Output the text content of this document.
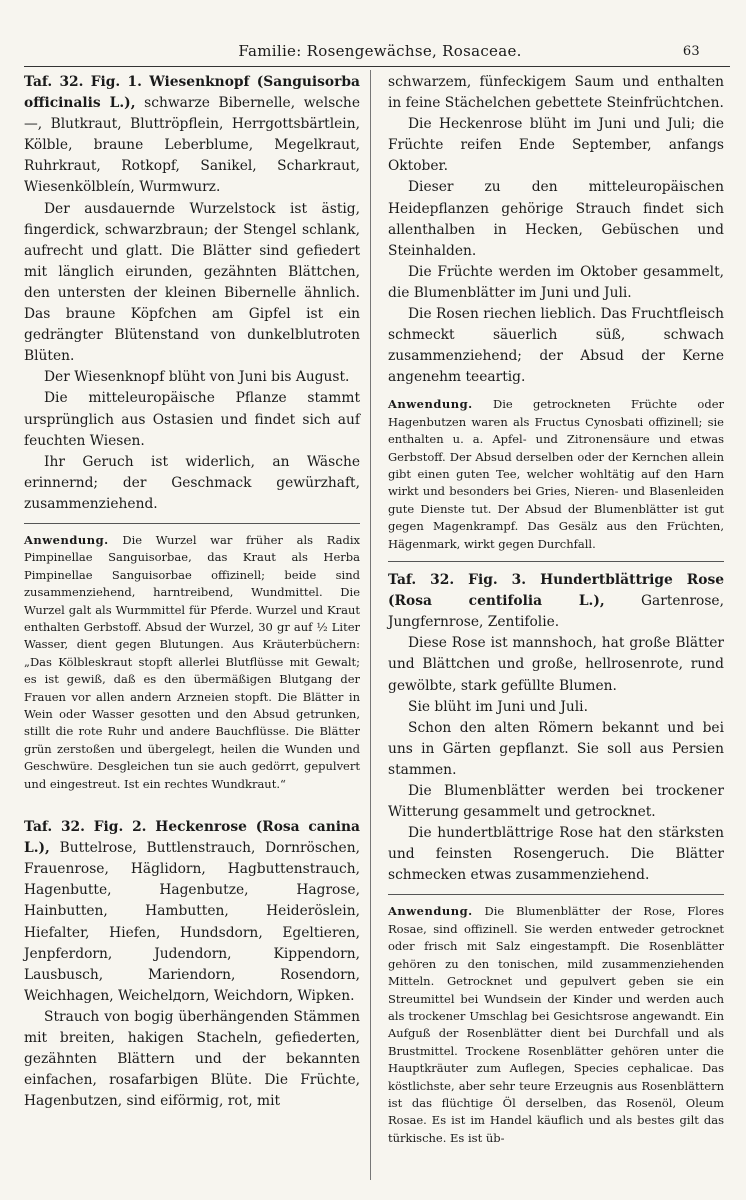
Familie: Rosengewächse, Rosaceae.	63

Taf. 32. Fig. 1. Wiesenknopf (Sanguisorba officinalis L.), schwarze Bibernelle, welsche —, Blutkraut, Bluttröpflein, Herrgottsbärtlein, Kölble, braune Leberblume, Megelkraut, Ruhrkraut, Rotkopf, Sanikel, Scharkraut, Wiesenkölbleín, Wurmwurz.

Der ausdauernde Wurzelstock ist ästig, fingerdick, schwarzbraun; der Stengel schlank, aufrecht und glatt. Die Blätter sind gefiedert mit länglich eirunden, gezähnten Blättchen, den untersten der kleinen Bibernelle ähnlich. Das braune Köpfchen am Gipfel ist ein gedrängter Blütenstand von dunkelblutroten Blüten.

Der Wiesenknopf blüht von Juni bis August.

Die mitteleuropäische Pflanze stammt ursprünglich aus Ostasien und findet sich auf feuchten Wiesen.

Ihr Geruch ist widerlich, an Wäsche erinnernd; der Geschmack gewürzhaft, zusammenziehend.

Anwendung. Die Wurzel war früher als Radix Pimpinellae Sanguisorbae, das Kraut als Herba Pimpinellae Sanguisorbae offizinell; beide sind zusammenziehend, harntreibend, Wundmittel. Die Wurzel galt als Wurmmittel für Pferde. Wurzel und Kraut enthalten Gerbstoff. Absud der Wurzel, 30 gr auf ½ Liter Wasser, dient gegen Blutungen. Aus Kräuterbüchern: „Das Kölbleskraut stopft allerlei Blutflüsse mit Gewalt; es ist gewiß, daß es den übermäßigen Blutgang der Frauen vor allen andern Arzneien stopft. Die Blätter in Wein oder Wasser gesotten und den Absud getrunken, stillt die rote Ruhr und andere Bauchflüsse. Die Blätter grün zerstoßen und übergelegt, heilen die Wunden und Geschwüre. Desgleichen tun sie auch gedörrt, gepulvert und eingestreut. Ist ein rechtes Wundkraut.“

Taf. 32. Fig. 2. Heckenrose (Rosa canina L.), Buttelrose, Buttlenstrauch, Dornröschen, Frauenrose, Häglidorn, Hagbuttenstrauch, Hagenbutte, Hagenbutze, Hagrose, Hainbutten, Hambutten, Heideröslein, Hiefalter, Hiefen, Hundsdorn, Egeltieren, Jenpferdorn, Judendorn, Kippendorn, Lausbusch, Mariendorn, Rosendorn, Weichhagen, Weichelдorn, Weichdorn, Wipken.

Strauch von bogig überhängenden Stämmen mit breiten, hakigen Stacheln, gefiederten, gezähnten Blättern und der bekannten einfachen, rosafarbigen Blüte. Die Früchte, Hagenbutzen, sind eiförmig, rot, mit

schwarzem, fünfeckigem Saum und enthalten in feine Stächelchen gebettete Steinfrüchtchen.

Die Heckenrose blüht im Juni und Juli; die Früchte reifen Ende September, anfangs Oktober.

Dieser zu den mitteleuropäischen Heidepflanzen gehörige Strauch findet sich allenthalben in Hecken, Gebüschen und Steinhalden.

Die Früchte werden im Oktober gesammelt, die Blumenblätter im Juni und Juli.

Die Rosen riechen lieblich. Das Fruchtfleisch schmeckt säuerlich süß, schwach zusammenziehend; der Absud der Kerne angenehm teeartig.

Anwendung. Die getrockneten Früchte oder Hagenbutzen waren als Fructus Cynosbati offizinell; sie enthalten u. a. Apfel- und Zitronensäure und etwas Gerbstoff. Der Absud derselben oder der Kernchen allein gibt einen guten Tee, welcher wohltätig auf den Harn wirkt und besonders bei Gries, Nieren- und Blasenleiden gute Dienste tut. Der Absud der Blumenblätter ist gut gegen Magenkrampf. Das Gesälz aus den Früchten, Hägenmark, wirkt gegen Durchfall.

Taf. 32. Fig. 3. Hundertblättrige Rose (Rosa centifolia L.),	Gartenrose, Jungfernrose, Zentifolie.

Diese Rose ist mannshoch, hat große Blätter und Blättchen und große, hellrosenrote, rund gewölbte, stark gefüllte Blumen.

Sie blüht im Juni und Juli.

Schon den alten Römern bekannt und bei uns in Gärten gepflanzt. Sie soll aus Persien stammen.

Die Blumenblätter werden bei trockener Witterung gesammelt und getrocknet.

Die hundertblättrige Rose hat den stärksten und feinsten Rosengeruch. Die Blätter schmecken etwas zusammenziehend.

Anwendung. Die Blumenblätter der Rose, Flores Rosae, sind offizinell. Sie werden entweder getrocknet oder frisch mit Salz eingestampft. Die Rosenblätter gehören zu den tonischen, mild zusammenziehenden Mitteln. Getrocknet und gepulvert geben sie ein Streumittel bei Wundsein der Kinder und werden auch als trockener Umschlag bei Gesichtsrose angewandt. Ein Aufguß der Rosenblätter dient bei Durchfall und als Brustmittel. Trockene Rosenblätter gehören unter die Hauptkräuter zum Auflegen, Species cephalicae. Das köstlichste, aber sehr teure Erzeugnis aus Rosenblättern ist das flüchtige Öl derselben, das Rosenöl, Oleum Rosae. Es ist im Handel käuflich und als bestes gilt das türkische. Es ist üb-
